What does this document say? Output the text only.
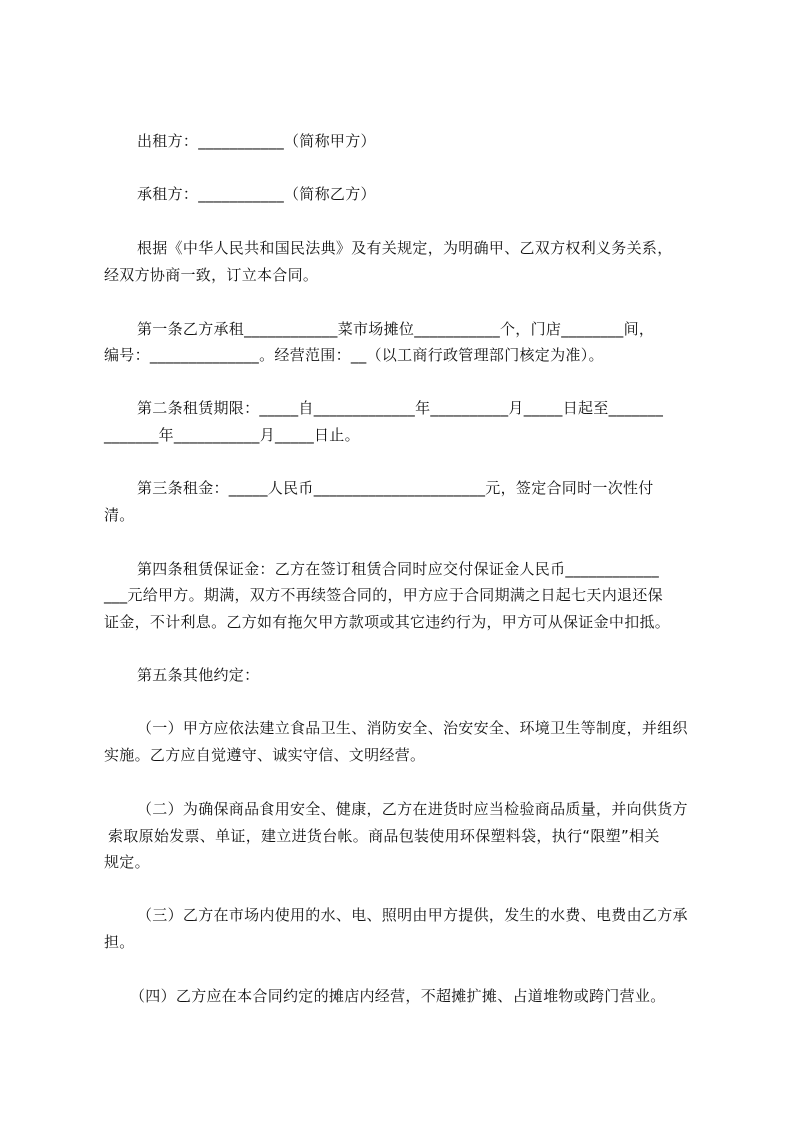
出租方：___________（简称甲方）
承租方：___________（简称乙方）
根据《中华人民共和国民法典》及有关规定，为明确甲、乙双方权利义务关系，
经双方协商一致，订立本合同。
第一条乙方承租____________菜市场摊位___________个，门店________间，
编号：______________。经营范围：__（以工商行政管理部门核定为准）。
第二条租赁期限：_____自_____________年__________月_____日起至_______
_______年___________月_____日止。
第三条租金：_____人民币______________________元，签定合同时一次性付
清。
第四条租赁保证金：乙方在签订租赁合同时应交付保证金人民币____________
___元给甲方。期满，双方不再续签合同的，甲方应于合同期满之日起七天内退还保
证金，不计利息。乙方如有拖欠甲方款项或其它违约行为，甲方可从保证金中扣抵。
第五条其他约定：
（一）甲方应依法建立食品卫生、消防安全、治安安全、环境卫生等制度，并组织
实施。乙方应自觉遵守、诚实守信、文明经营。
（二）为确保商品食用安全、健康，乙方在进货时应当检验商品质量，并向供货方
索取原始发票、单证，建立进货台帐。商品包装使用环保塑料袋，执行“限塑”相关
规定。
（三）乙方在市场内使用的水、电、照明由甲方提供，发生的水费、电费由乙方承
担。
（四）乙方应在本合同约定的摊店内经营，不超摊扩摊、占道堆物或跨门营业。
